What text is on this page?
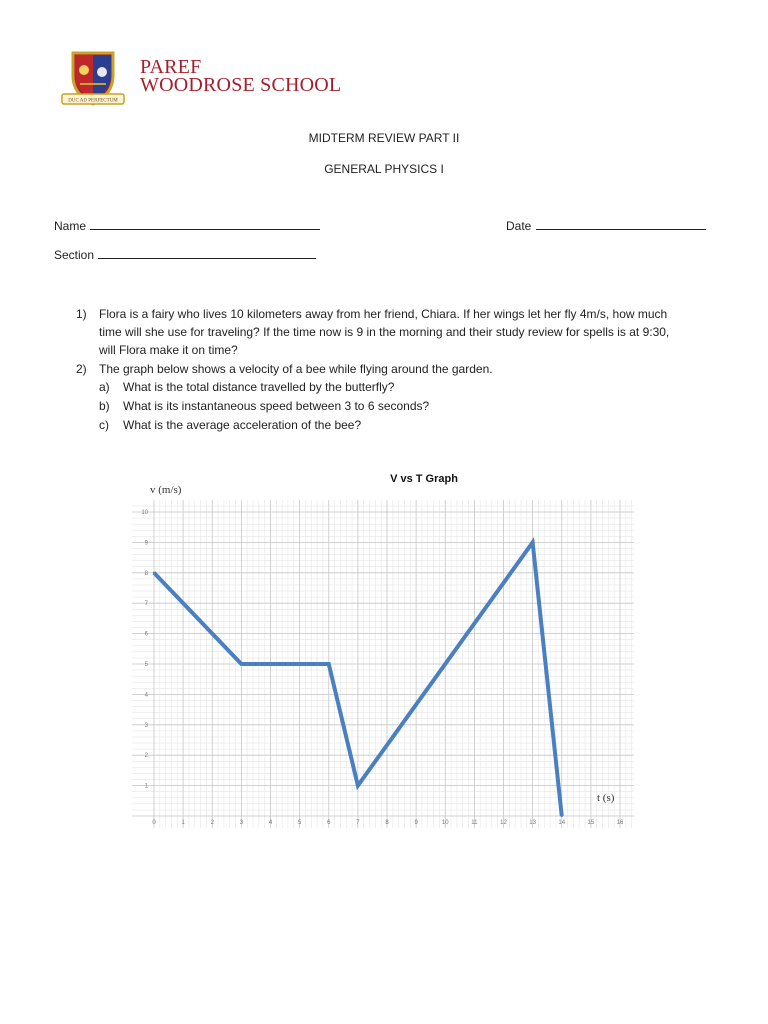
DUC AD PERFECTUM
PAREF
WOODROSE SCHOOL
MIDTERM REVIEW PART II
GENERAL PHYSICS I
Name	Date
Section
1) Flora is a fairy who lives 10 kilometers away from her friend, Chiara. If her wings let her fly 4m/s, how much
time will she use for traveling? If the time now is 9 in the morning and their study review for spells is at 9:30,
will Flora make it on time?
2) The graph below shows a velocity of a bee while flying around the garden.
a) What is the total distance travelled by the butterfly?
b) What is its instantaneous speed between 3 to 6 seconds?
c) What is the average acceleration of the bee?
1
2
3
4
5
6
7
8
9
10
0	1	2	3	4	5	6	7	8	9	10	11	12	13	14	15	16
V vs T Graph
v (m/s)
t (s)
